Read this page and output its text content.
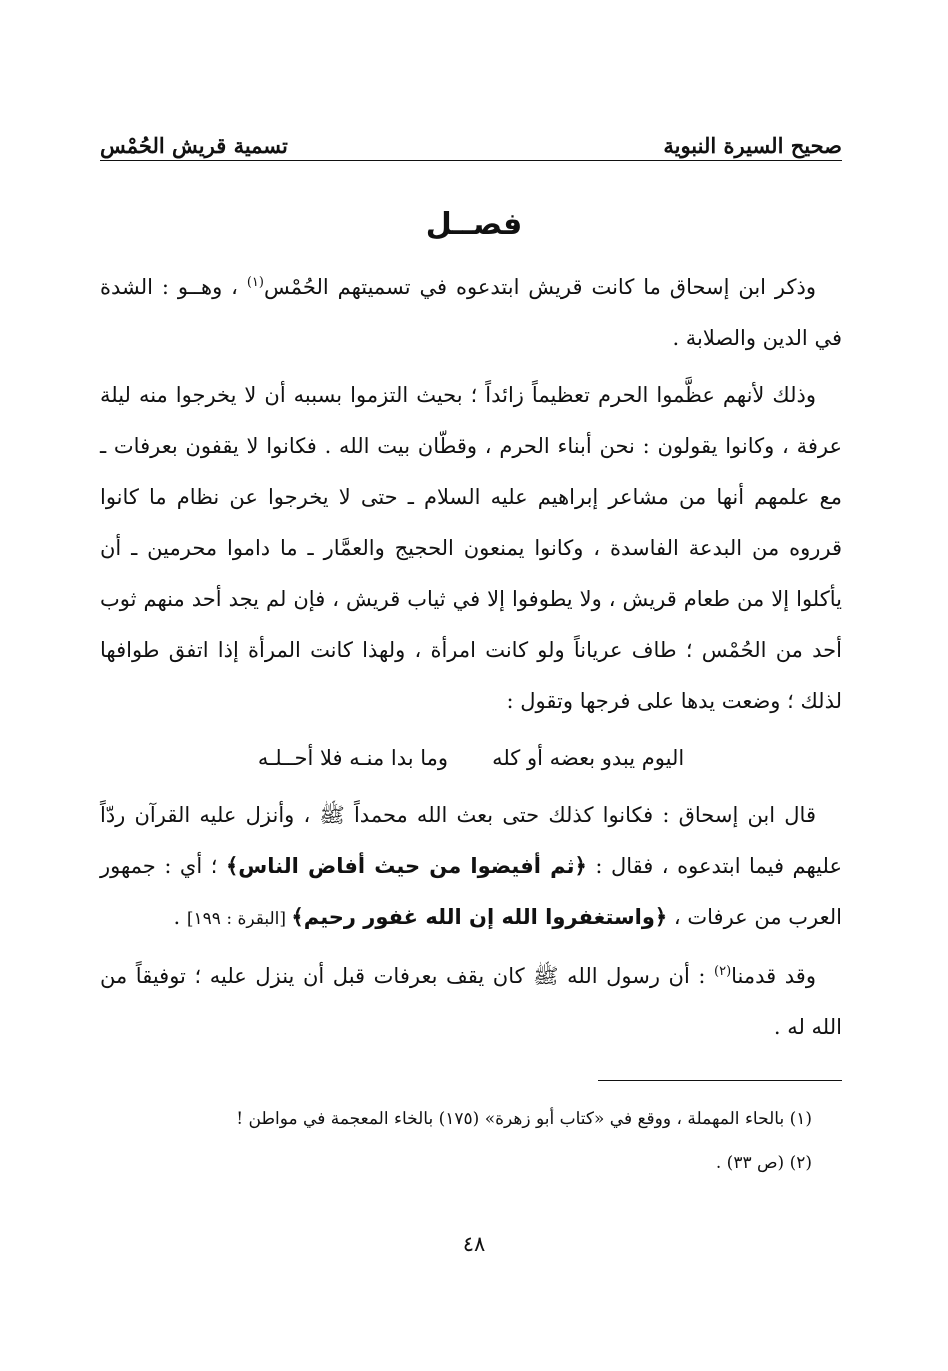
صحيح السيرة النبوية
تسمية قريش الحُمْس
فصــل

وذكر ابن إسحاق ما كانت قريش ابتدعوه في تسميتهم الحُمْس$^{(١)}$ ، وهــو : الشدة في الدين والصلابة .

وذلك لأنهم عظَّموا الحرم تعظيماً زائداً ؛ بحيث التزموا بسببه أن لا يخرجوا منه ليلة عرفة ، وكانوا يقولون : نحن أبناء الحرم ، وقطّان بيت الله . فكانوا لا يقفون بعرفات ـ مع علمهم أنها من مشاعر إبراهيم عليه السلام ـ حتى لا يخرجوا عن نظام ما كانوا قرروه من البدعة الفاسدة ، وكانوا يمنعون الحجيج والعمَّار ـ ما داموا محرمين ـ أن يأكلوا إلا من طعام قريش ، ولا يطوفوا إلا في ثياب قريش ، فإن لم يجد أحد منهم ثوب أحد من الحُمْس ؛ طاف عرياناً ولو كانت امرأة ، ولهذا كانت المرأة إذا اتفق طوافها لذلك ؛ وضعت يدها على فرجها وتقول :

اليوم يبدو بعضه أو كله
وما بدا منـه فلا أحــلـه

قال ابن إسحاق : فكانوا كذلك حتى بعث الله محمداً ﷺ ، وأنزل عليه القرآن ردّاً عليهم فيما ابتدعوه ، فقال : ﴿ثم أفيضوا من حيث أفاض الناس﴾ ؛ أي : جمهور العرب من عرفات ، ﴿واستغفروا الله إن الله غفور رحيم﴾ [البقرة : ١٩٩] .

وقد قدمنا$^{(٢)}$ : أن رسول الله ﷺ كان يقف بعرفات قبل أن ينزل عليه ؛ توفيقاً من الله له .

(١) بالحاء المهملة ، ووقع في «كتاب أبو زهرة» (١٧٥) بالخاء المعجمة في مواطن !
(٢) (ص ٣٣) .
٤٨
